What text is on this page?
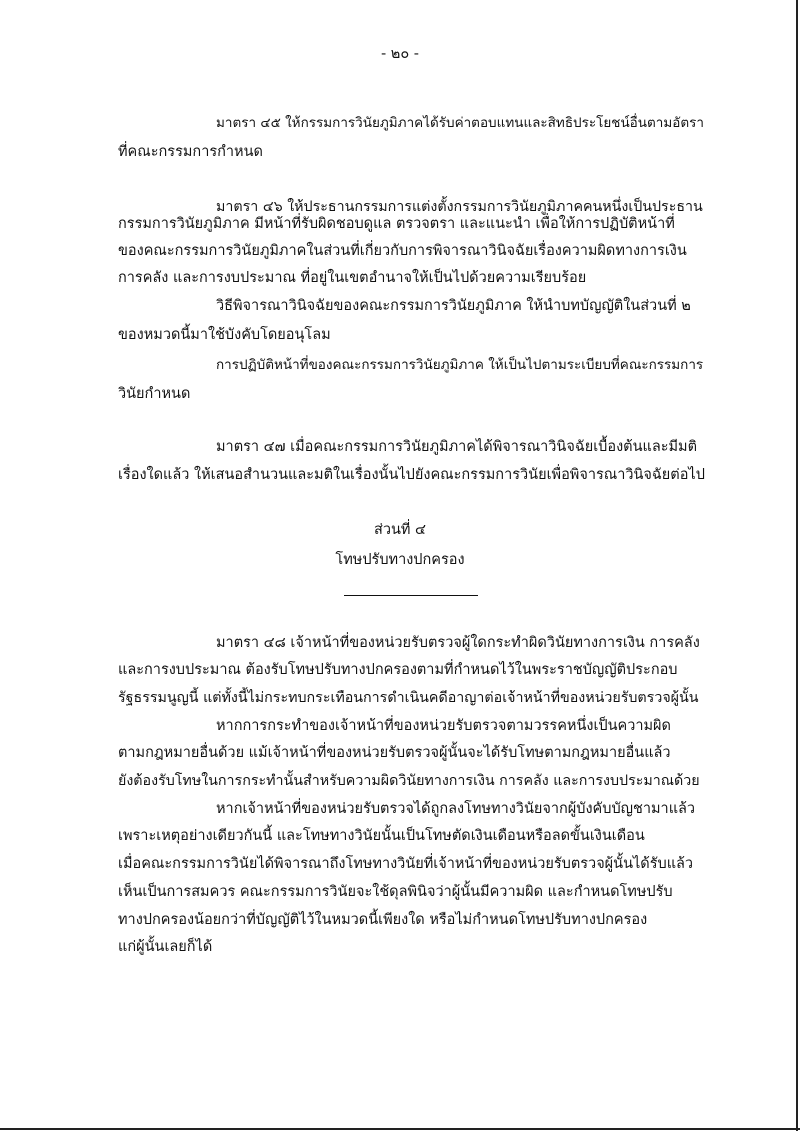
- ๒๐ -
มาตรา ๔๕ ให้กรรมการวินัยภูมิภาคได้รับค่าตอบแทนและสิทธิประโยชน์อื่นตามอัตรา
ที่คณะกรรมการกำหนด
มาตรา ๔๖ ให้ประธานกรรมการแต่งตั้งกรรมการวินัยภูมิภาคคนหนึ่งเป็นประธาน
กรรมการวินัยภูมิภาค มีหน้าที่รับผิดชอบดูแล ตรวจตรา และแนะนำ เพื่อให้การปฏิบัติหน้าที่
ของคณะกรรมการวินัยภูมิภาคในส่วนที่เกี่ยวกับการพิจารณาวินิจฉัยเรื่องความผิดทางการเงิน
การคลัง และการงบประมาณ ที่อยู่ในเขตอำนาจให้เป็นไปด้วยความเรียบร้อย
วิธีพิจารณาวินิจฉัยของคณะกรรมการวินัยภูมิภาค ให้นำบทบัญญัติในส่วนที่ ๒
ของหมวดนี้มาใช้บังคับโดยอนุโลม
การปฏิบัติหน้าที่ของคณะกรรมการวินัยภูมิภาค ให้เป็นไปตามระเบียบที่คณะกรรมการ
วินัยกำหนด
มาตรา ๔๗ เมื่อคณะกรรมการวินัยภูมิภาคได้พิจารณาวินิจฉัยเบื้องต้นและมีมติ
เรื่องใดแล้ว ให้เสนอสำนวนและมติในเรื่องนั้นไปยังคณะกรรมการวินัยเพื่อพิจารณาวินิจฉัยต่อไป
ส่วนที่ ๔
โทษปรับทางปกครอง
มาตรา ๔๘ เจ้าหน้าที่ของหน่วยรับตรวจผู้ใดกระทำผิดวินัยทางการเงิน การคลัง
และการงบประมาณ ต้องรับโทษปรับทางปกครองตามที่กำหนดไว้ในพระราชบัญญัติประกอบ
รัฐธรรมนูญนี้ แต่ทั้งนี้ไม่กระทบกระเทือนการดำเนินคดีอาญาต่อเจ้าหน้าที่ของหน่วยรับตรวจผู้นั้น
หากการกระทำของเจ้าหน้าที่ของหน่วยรับตรวจตามวรรคหนึ่งเป็นความผิด
ตามกฎหมายอื่นด้วย แม้เจ้าหน้าที่ของหน่วยรับตรวจผู้นั้นจะได้รับโทษตามกฎหมายอื่นแล้ว
ยังต้องรับโทษในการกระทำนั้นสำหรับความผิดวินัยทางการเงิน การคลัง และการงบประมาณด้วย
หากเจ้าหน้าที่ของหน่วยรับตรวจได้ถูกลงโทษทางวินัยจากผู้บังคับบัญชามาแล้ว
เพราะเหตุอย่างเดียวกันนี้ และโทษทางวินัยนั้นเป็นโทษตัดเงินเดือนหรือลดขั้นเงินเดือน
เมื่อคณะกรรมการวินัยได้พิจารณาถึงโทษทางวินัยที่เจ้าหน้าที่ของหน่วยรับตรวจผู้นั้นได้รับแล้ว
เห็นเป็นการสมควร คณะกรรมการวินัยจะใช้ดุลพินิจว่าผู้นั้นมีความผิด และกำหนดโทษปรับ
ทางปกครองน้อยกว่าที่บัญญัติไว้ในหมวดนี้เพียงใด หรือไม่กำหนดโทษปรับทางปกครอง
แก่ผู้นั้นเลยก็ได้
